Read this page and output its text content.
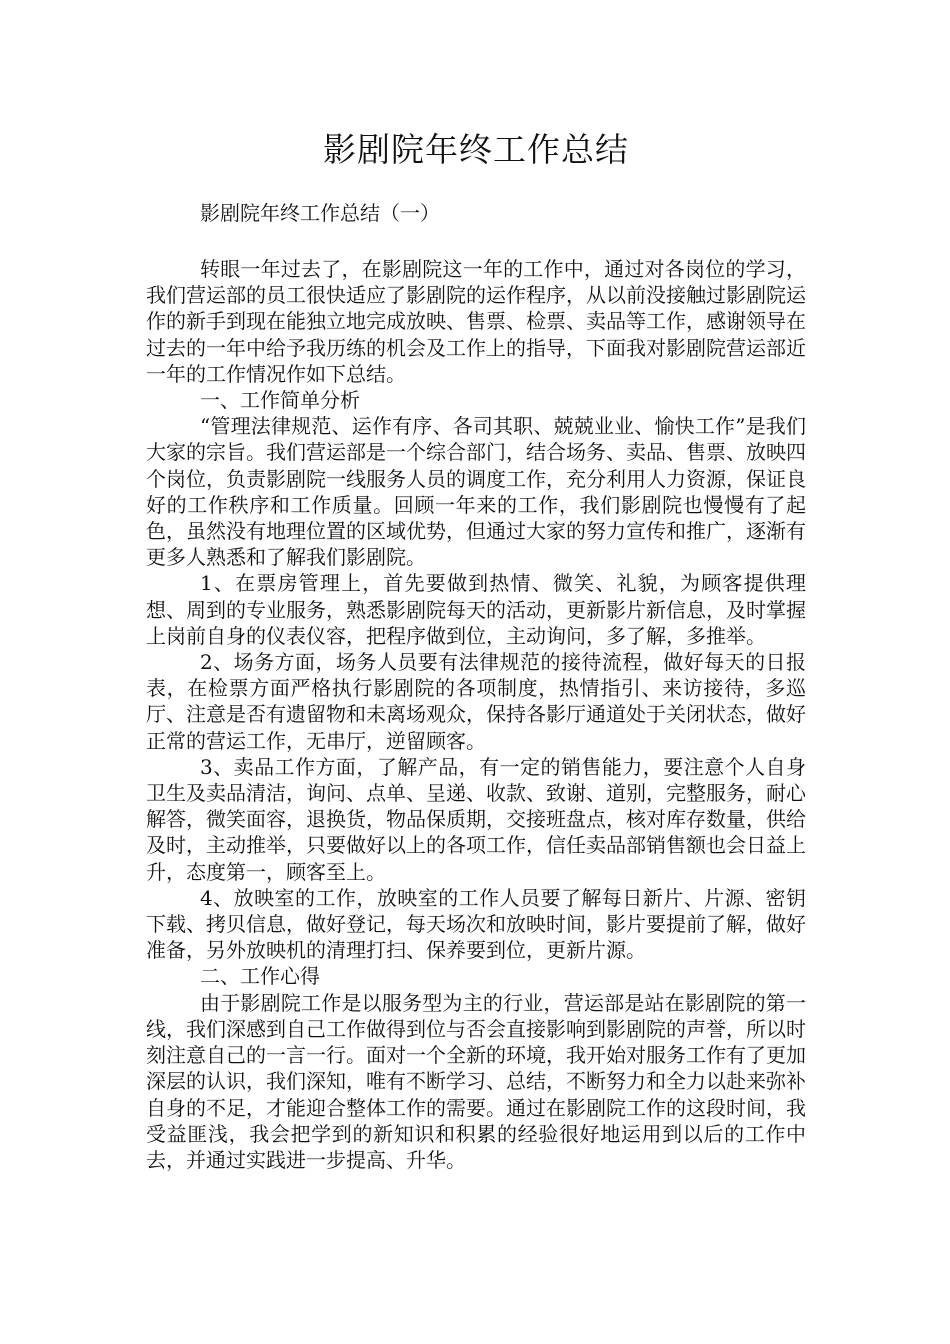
影剧院年终工作总结

影剧院年终工作总结（一）

转眼一年过去了，在影剧院这一年的工作中，通过对各岗位的学习，我们营运部的员工很快适应了影剧院的运作程序，从以前没接触过影剧院运作的新手到现在能独立地完成放映、售票、检票、卖品等工作，感谢领导在过去的一年中给予我历练的机会及工作上的指导，下面我对影剧院营运部近一年的工作情况作如下总结。

一、工作简单分析

“管理法律规范、运作有序、各司其职、兢兢业业、愉快工作”是我们大家的宗旨。我们营运部是一个综合部门，结合场务、卖品、售票、放映四个岗位，负责影剧院一线服务人员的调度工作，充分利用人力资源，保证良好的工作秩序和工作质量。回顾一年来的工作，我们影剧院也慢慢有了起色，虽然没有地理位置的区域优势，但通过大家的努力宣传和推广，逐渐有更多人熟悉和了解我们影剧院。

1、在票房管理上，首先要做到热情、微笑、礼貌，为顾客提供理想、周到的专业服务，熟悉影剧院每天的活动，更新影片新信息，及时掌握上岗前自身的仪表仪容，把程序做到位，主动询问，多了解，多推举。

2、场务方面，场务人员要有法律规范的接待流程，做好每天的日报表，在检票方面严格执行影剧院的各项制度，热情指引、来访接待，多巡厅、注意是否有遗留物和未离场观众，保持各影厅通道处于关闭状态，做好正常的营运工作，无串厅，逆留顾客。

3、卖品工作方面，了解产品，有一定的销售能力，要注意个人自身卫生及卖品清洁，询问、点单、呈递、收款、致谢、道别，完整服务，耐心解答，微笑面容，退换货，物品保质期，交接班盘点，核对库存数量，供给及时，主动推举，只要做好以上的各项工作，信任卖品部销售额也会日益上升，态度第一，顾客至上。

4、放映室的工作，放映室的工作人员要了解每日新片、片源、密钥下载、拷贝信息，做好登记，每天场次和放映时间，影片要提前了解，做好准备，另外放映机的清理打扫、保养要到位，更新片源。

二、工作心得

由于影剧院工作是以服务型为主的行业，营运部是站在影剧院的第一线，我们深感到自己工作做得到位与否会直接影响到影剧院的声誉，所以时刻注意自己的一言一行。面对一个全新的环境，我开始对服务工作有了更加深层的认识，我们深知，唯有不断学习、总结，不断努力和全力以赴来弥补自身的不足，才能迎合整体工作的需要。通过在影剧院工作的这段时间，我受益匪浅，我会把学到的新知识和积累的经验很好地运用到以后的工作中去，并通过实践进一步提高、升华。
